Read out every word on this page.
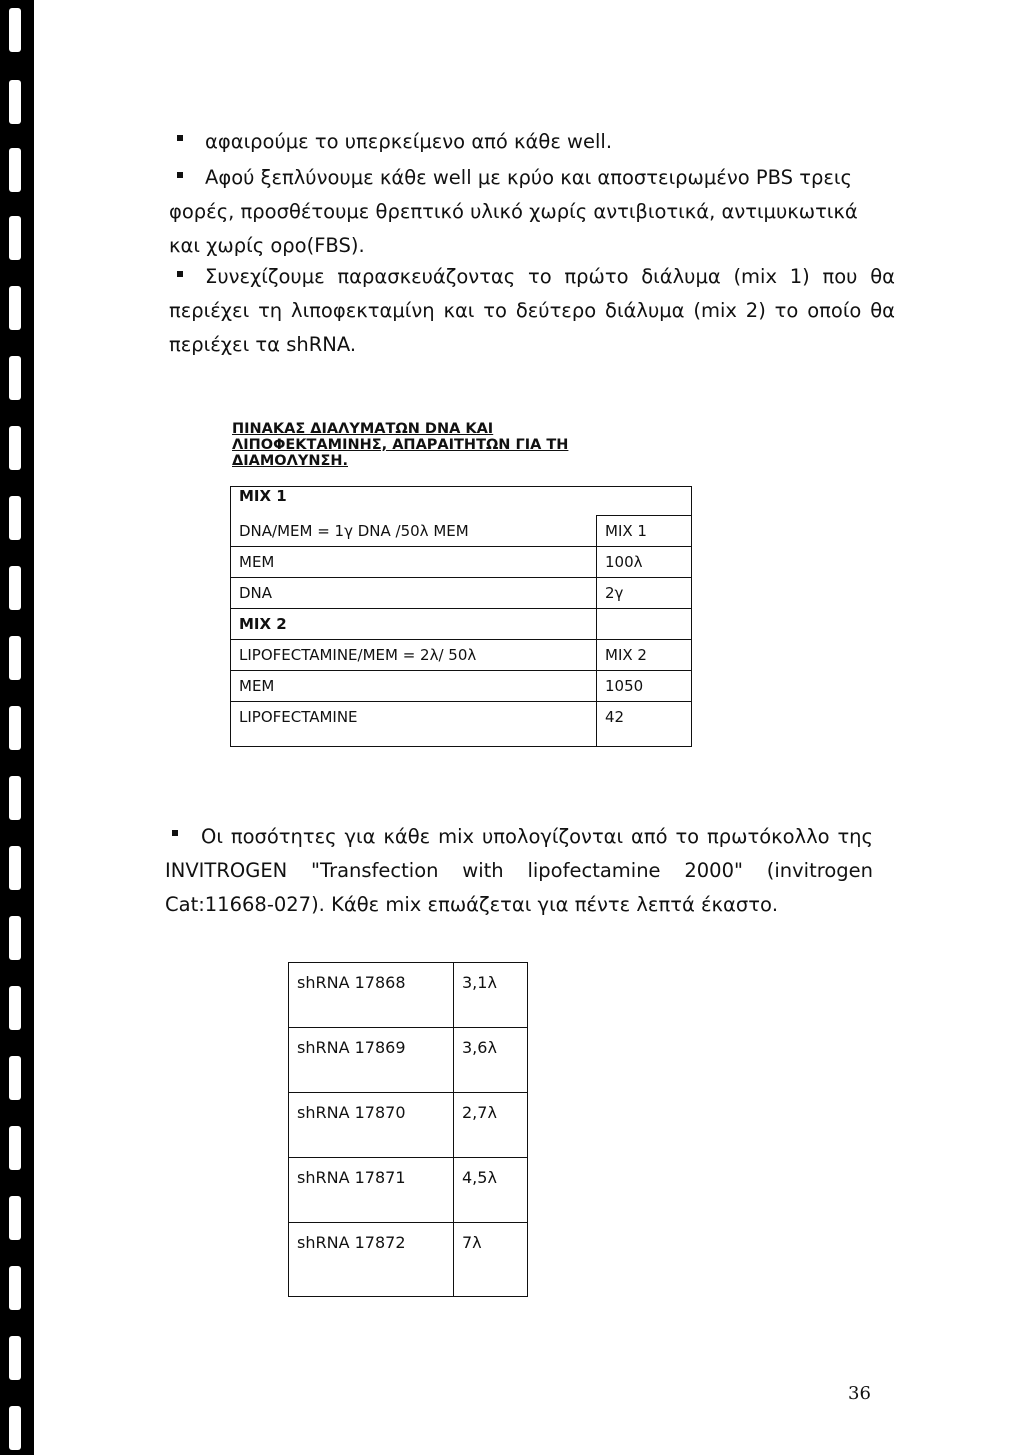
αφαιρούμε το υπερκείμενο από κάθε well.

Αφού ξεπλύνουμε κάθε well με κρύο και αποστειρωμένο PBS τρεις φορές, προσθέτουμε θρεπτικό υλικό χωρίς αντιβιοτικά, αντιμυκωτικά και χωρίς ορο(FBS).

Συνεχίζουμε παρασκευάζοντας το πρώτο διάλυμα (mix 1) που θα περιέχει τη λιποφεκταμίνη και το δεύτερο διάλυμα (mix 2) το οποίο θα περιέχει τα shRNA.

ΠΙΝΑΚΑΣ ΔΙΑΛΥΜΑΤΩΝ DNA ΚΑΙ ΛΙΠΟΦΕΚΤΑΜΙΝΗΣ, ΑΠΑΡΑΙΤΗΤΩΝ ΓΙΑ ΤΗ ΔΙΑΜΟΛΥΝΣΗ.

MIX 1	
DNA/MEM = 1γ DNA /50λ MEM	MIX 1
MEM	100λ
DNA	2γ
MIX 2	
LIPOFECTAMINE/MEM = 2λ/ 50λ	MIX 2
MEM	1050
LIPOFECTAMINE	42

Οι ποσότητες για κάθε mix υπολογίζονται από το πρωτόκολλο της INVITROGEN "Transfection with lipofectamine 2000" (invitrogen Cat:11668-027). Κάθε mix επωάζεται για πέντε λεπτά έκαστο.

shRNA 17868	3,1λ
shRNA 17869	3,6λ
shRNA 17870	2,7λ
shRNA 17871	4,5λ
shRNA 17872	7λ
36
